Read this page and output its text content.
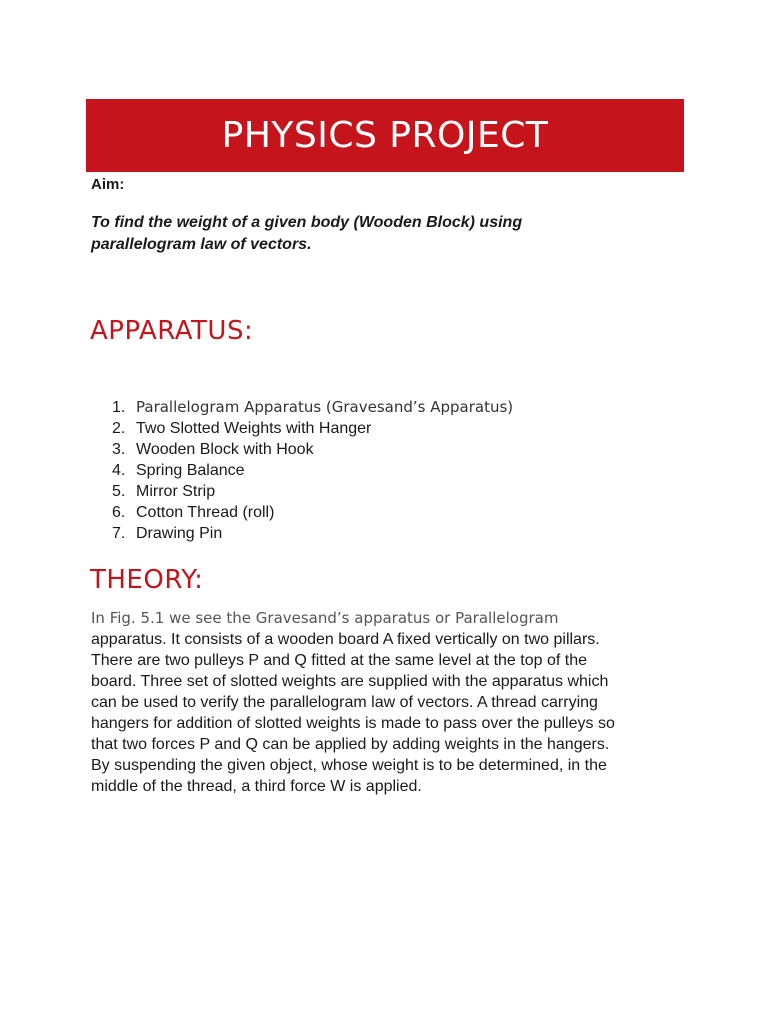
PHYSICS PROJECT
Aim:
To find the weight of a given body (Wooden Block) using parallelogram law of vectors.
APPARATUS:
1. Parallelogram Apparatus (Gravesand’s Apparatus)
2. Two Slotted Weights with Hanger
3. Wooden Block with Hook
4. Spring Balance
5. Mirror Strip
6. Cotton Thread (roll)
7. Drawing Pin
THEORY:

In Fig. 5.1 we see the Gravesand’s apparatus or Parallelogram
apparatus. It consists of a wooden board A fixed vertically on two pillars.
There are two pulleys P and Q fitted at the same level at the top of the
board. Three set of slotted weights are supplied with the apparatus which
can be used to verify the parallelogram law of vectors. A thread carrying
hangers for addition of slotted weights is made to pass over the pulleys so
that two forces P and Q can be applied by adding weights in the hangers.
By suspending the given object, whose weight is to be determined, in the
middle of the thread, a third force W is applied.
